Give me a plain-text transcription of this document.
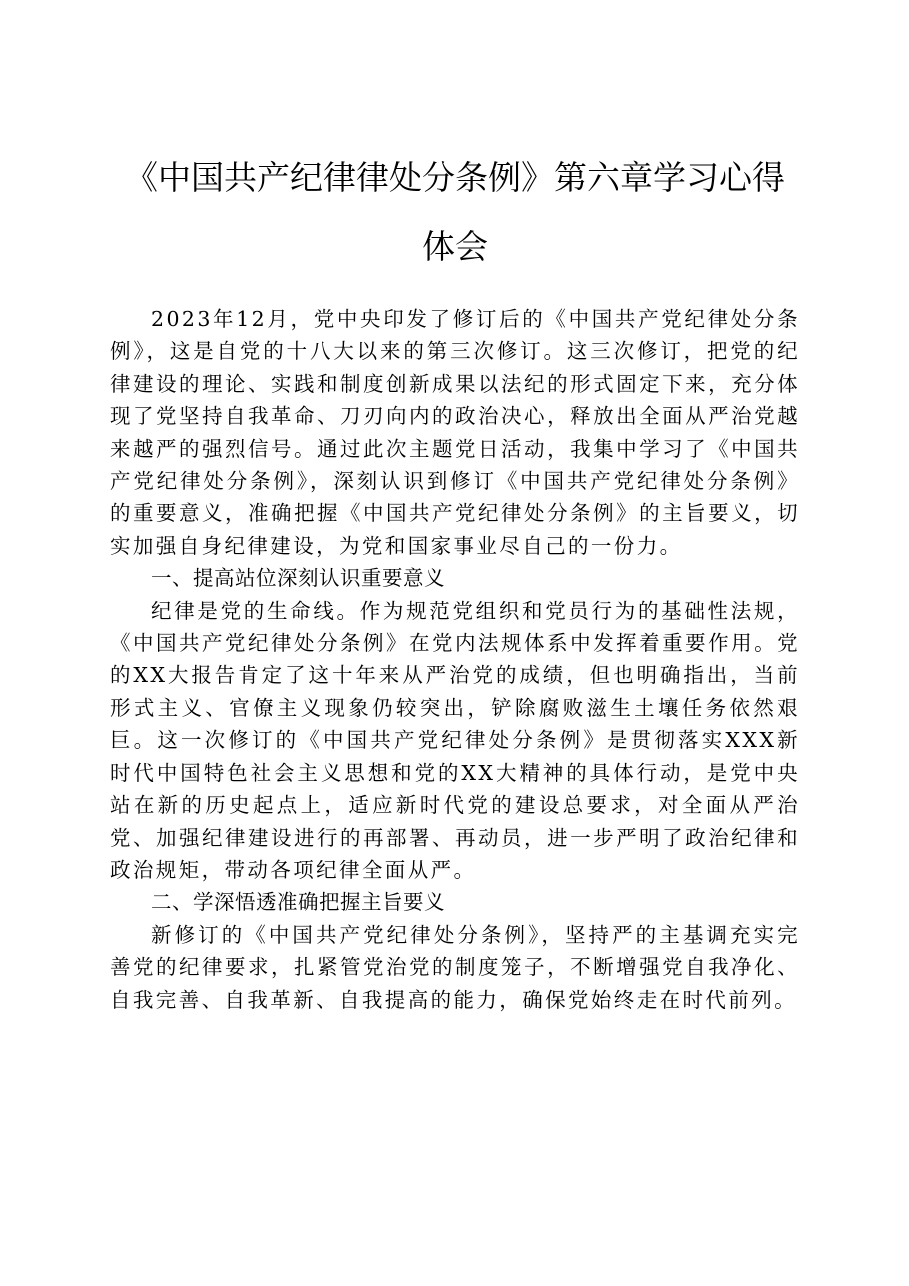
《中国共产纪律律处分条例》第六章学习心得体会

2023年12月，党中央印发了修订后的《中国共产党纪律处分条例》，这是自党的十八大以来的第三次修订。这三次修订，把党的纪律建设的理论、实践和制度创新成果以法纪的形式固定下来，充分体现了党坚持自我革命、刀刃向内的政治决心，释放出全面从严治党越来越严的强烈信号。通过此次主题党日活动，我集中学习了《中国共产党纪律处分条例》，深刻认识到修订《中国共产党纪律处分条例》的重要意义，准确把握《中国共产党纪律处分条例》的主旨要义，切实加强自身纪律建设，为党和国家事业尽自己的一份力。

一、提高站位深刻认识重要意义

纪律是党的生命线。作为规范党组织和党员行为的基础性法规，《中国共产党纪律处分条例》在党内法规体系中发挥着重要作用。党的XX大报告肯定了这十年来从严治党的成绩，但也明确指出，当前形式主义、官僚主义现象仍较突出，铲除腐败滋生土壤任务依然艰巨。这一次修订的《中国共产党纪律处分条例》是贯彻落实XXX新时代中国特色社会主义思想和党的XX大精神的具体行动，是党中央站在新的历史起点上，适应新时代党的建设总要求，对全面从严治党、加强纪律建设进行的再部署、再动员，进一步严明了政治纪律和政治规矩，带动各项纪律全面从严。

二、学深悟透准确把握主旨要义

新修订的《中国共产党纪律处分条例》，坚持严的主基调充实完善党的纪律要求，扎紧管党治党的制度笼子，不断增强党自我净化、自我完善、自我革新、自我提高的能力，确保党始终走在时代前列。
